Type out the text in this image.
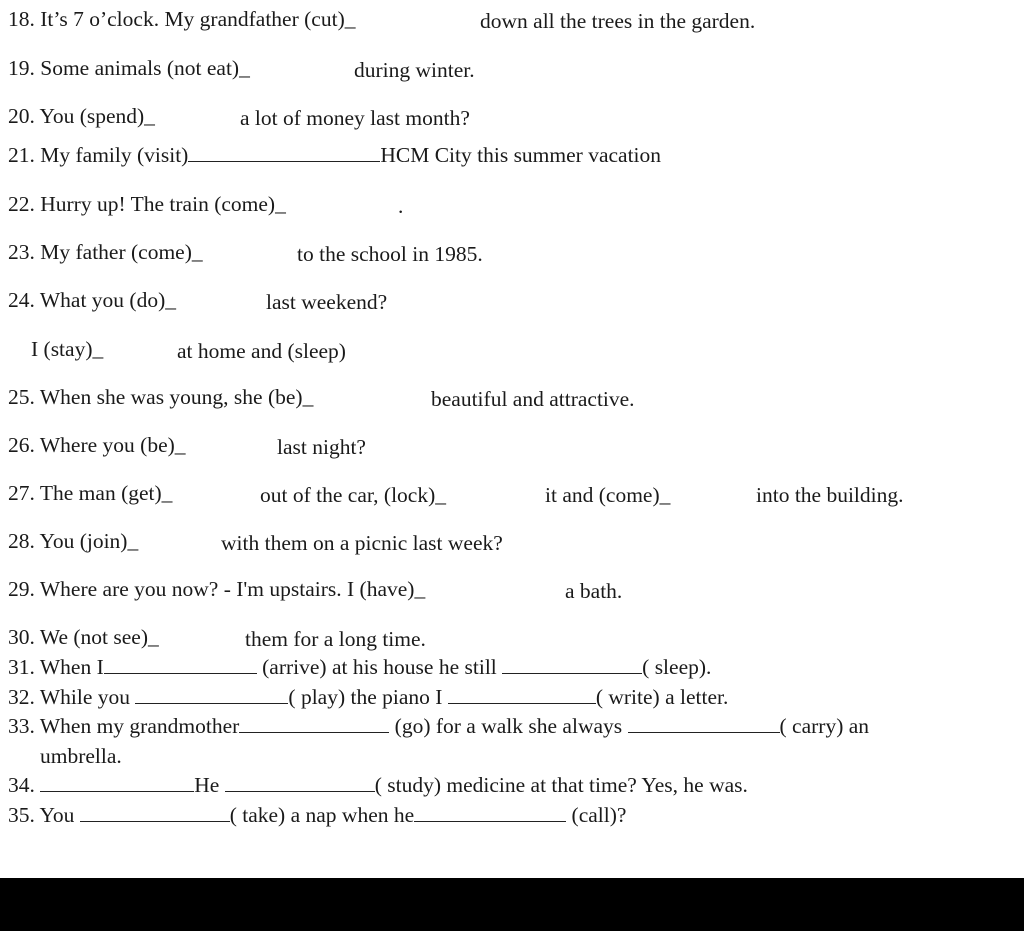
18. It’s 7 o’clock. My grandfather (cut)_	down all the trees in the garden.
19. Some animals (not eat)_	during winter.
20. You (spend)_	a lot of money last month?
21. My family (visit)	HCM City this summer vacation
22. Hurry up! The train (come)_	.
23. My father (come)_	to the school in 1985.
24. What you (do)_	last weekend?
I (stay)_	at home and (sleep)
25. When she was young, she (be)_	beautiful and attractive.
26. Where you (be)_	last night?
27. The man (get)_	out of the car, (lock)_	it and (come)_	into the building.
28. You (join)_	with them on a picnic last week?
29. Where are you now? - I'm upstairs. I (have)_	a bath.
30. We (not see)_	them for a long time.
31. When I	(arrive) at his house he still	( sleep).
32. While you	( play) the piano I	( write) a letter.
33. When my grandmother	(go) for a walk she always	( carry) an
umbrella.
34.	He	( study) medicine at that time? Yes, he was.
35. You	( take) a nap when he	(call)?
